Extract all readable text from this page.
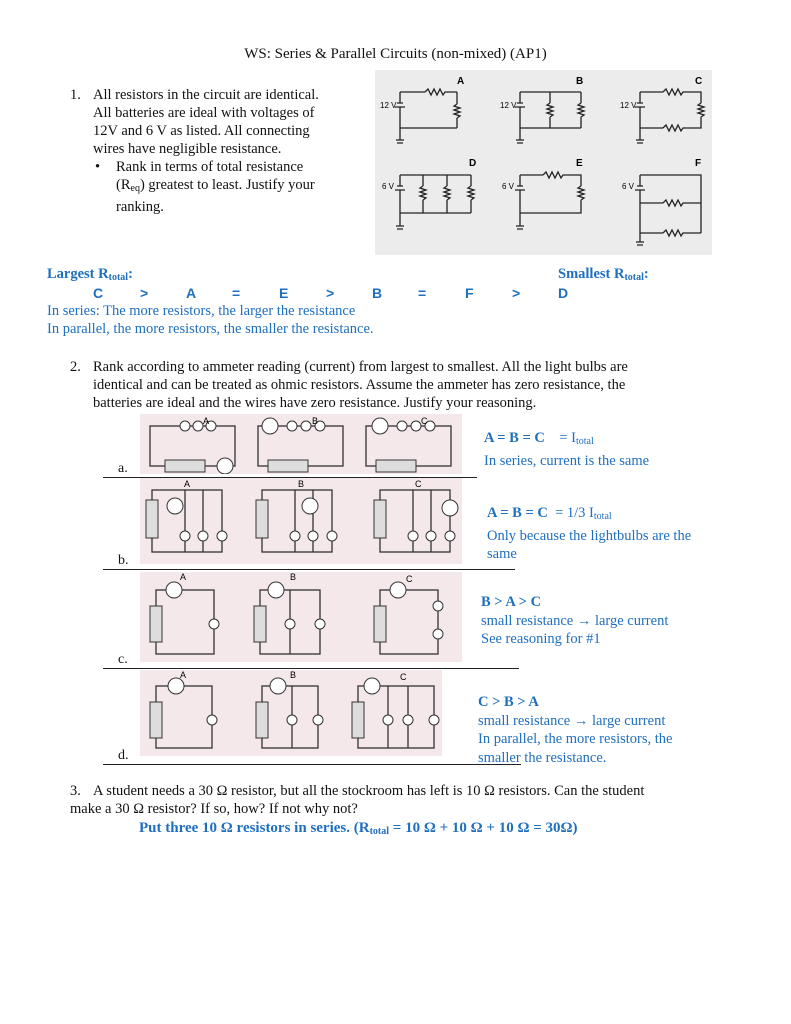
WS: Series & Parallel Circuits (non-mixed) (AP1)
1. All resistors in the circuit are identical.
All batteries are ideal with voltages of
12V and 6 V as listed. All connecting
wires have negligible resistance.
• Rank in terms of total resistance
$(R_{eq})$ greatest to least. Justify your
ranking.
A	B	C
D	E	F
12 V	12 V	12 V
6 V	6 V	6 V
Largest $R_{total}$:	Smallest $R_{total}$:
C	>	A	=	E	>	B	=	F	>	D
In series: The more resistors, the larger the resistance
In parallel, the more resistors, the smaller the resistance.
2. Rank according to ammeter reading (current) from largest to smallest. All the light bulbs are
identical and can be treated as ohmic resistors. Assume the ammeter has zero resistance, the
batteries are ideal and the wires have zero resistance. Justify your reasoning.
A	B	C
a.
A	B	C
b.
A	B	C
c.
A	B	C
d.
$A = B = C = I_{total}$
In series, current is the same
A = B = C = 1/3 $I_{total}$
Only because the lightbulbs are the
same
B > A > C
small resistance → large current
See reasoning for #1
C > B > A
small resistance → large current
In parallel, the more resistors, the
smaller the resistance.
3. A student needs a 30 Ω resistor, but all the stockroom has left is 10 Ω resistors. Can the student
make a 30 Ω resistor? If so, how? If not why not?
Put three 10 Ω resistors in series. ($R_{total} = 10$ Ω + 10 Ω + 10 Ω = 30Ω)
